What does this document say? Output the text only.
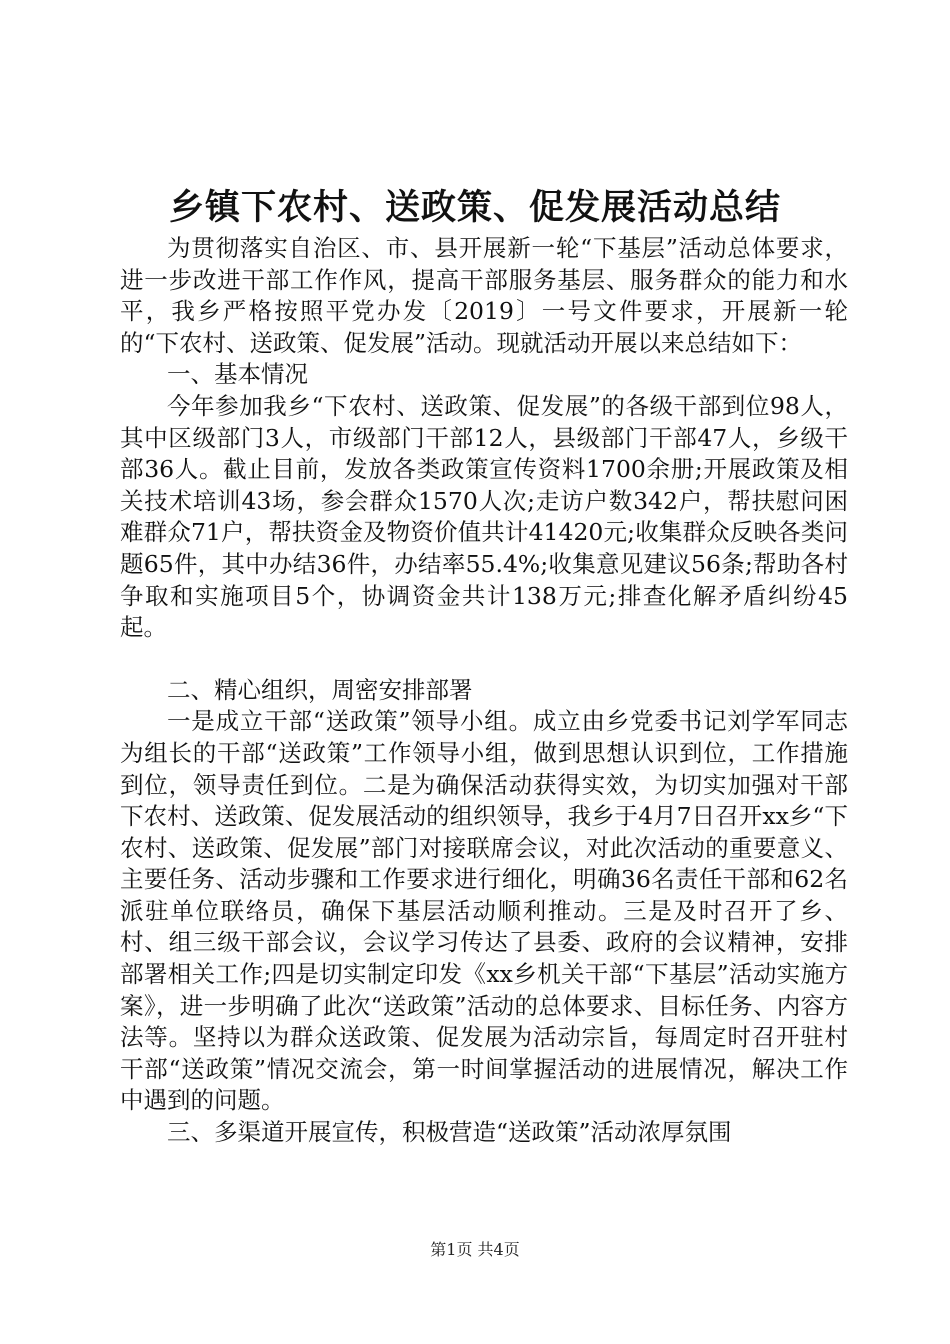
乡镇下农村、送政策、促发展活动总结

为贯彻落实自治区、市、县开展新一轮“下基层”活动总体要求，进一步改进干部工作作风，提高干部服务基层、服务群众的能力和水平，我乡严格按照平党办发〔2019〕一号文件要求，开展新一轮的“下农村、送政策、促发展”活动。现就活动开展以来总结如下：

一、基本情况

今年参加我乡“下农村、送政策、促发展”的各级干部到位98人，其中区级部门3人，市级部门干部12人，县级部门干部47人，乡级干部36人。截止目前，发放各类政策宣传资料1700余册;开展政策及相关技术培训43场，参会群众1570人次;走访户数342户，帮扶慰问困难群众71户，帮扶资金及物资价值共计41420元;收集群众反映各类问题65件，其中办结36件，办结率55.4%;收集意见建议56条;帮助各村争取和实施项目5个，协调资金共计138万元;排查化解矛盾纠纷45起。

二、精心组织，周密安排部署

一是成立干部“送政策”领导小组。成立由乡党委书记刘学军同志为组长的干部“送政策”工作领导小组，做到思想认识到位，工作措施到位，领导责任到位。二是为确保活动获得实效，为切实加强对干部下农村、送政策、促发展活动的组织领导，我乡于4月7日召开xx乡“下农村、送政策、促发展”部门对接联席会议，对此次活动的重要意义、主要任务、活动步骤和工作要求进行细化，明确36名责任干部和62名派驻单位联络员，确保下基层活动顺利推动。三是及时召开了乡、村、组三级干部会议，会议学习传达了县委、政府的会议精神，安排部署相关工作;四是切实制定印发《xx乡机关干部“下基层”活动实施方案》，进一步明确了此次“送政策”活动的总体要求、目标任务、内容方法等。坚持以为群众送政策、促发展为活动宗旨，每周定时召开驻村干部“送政策”情况交流会，第一时间掌握活动的进展情况，解决工作中遇到的问题。

三、多渠道开展宣传，积极营造“送政策”活动浓厚氛围

第1页 共4页
